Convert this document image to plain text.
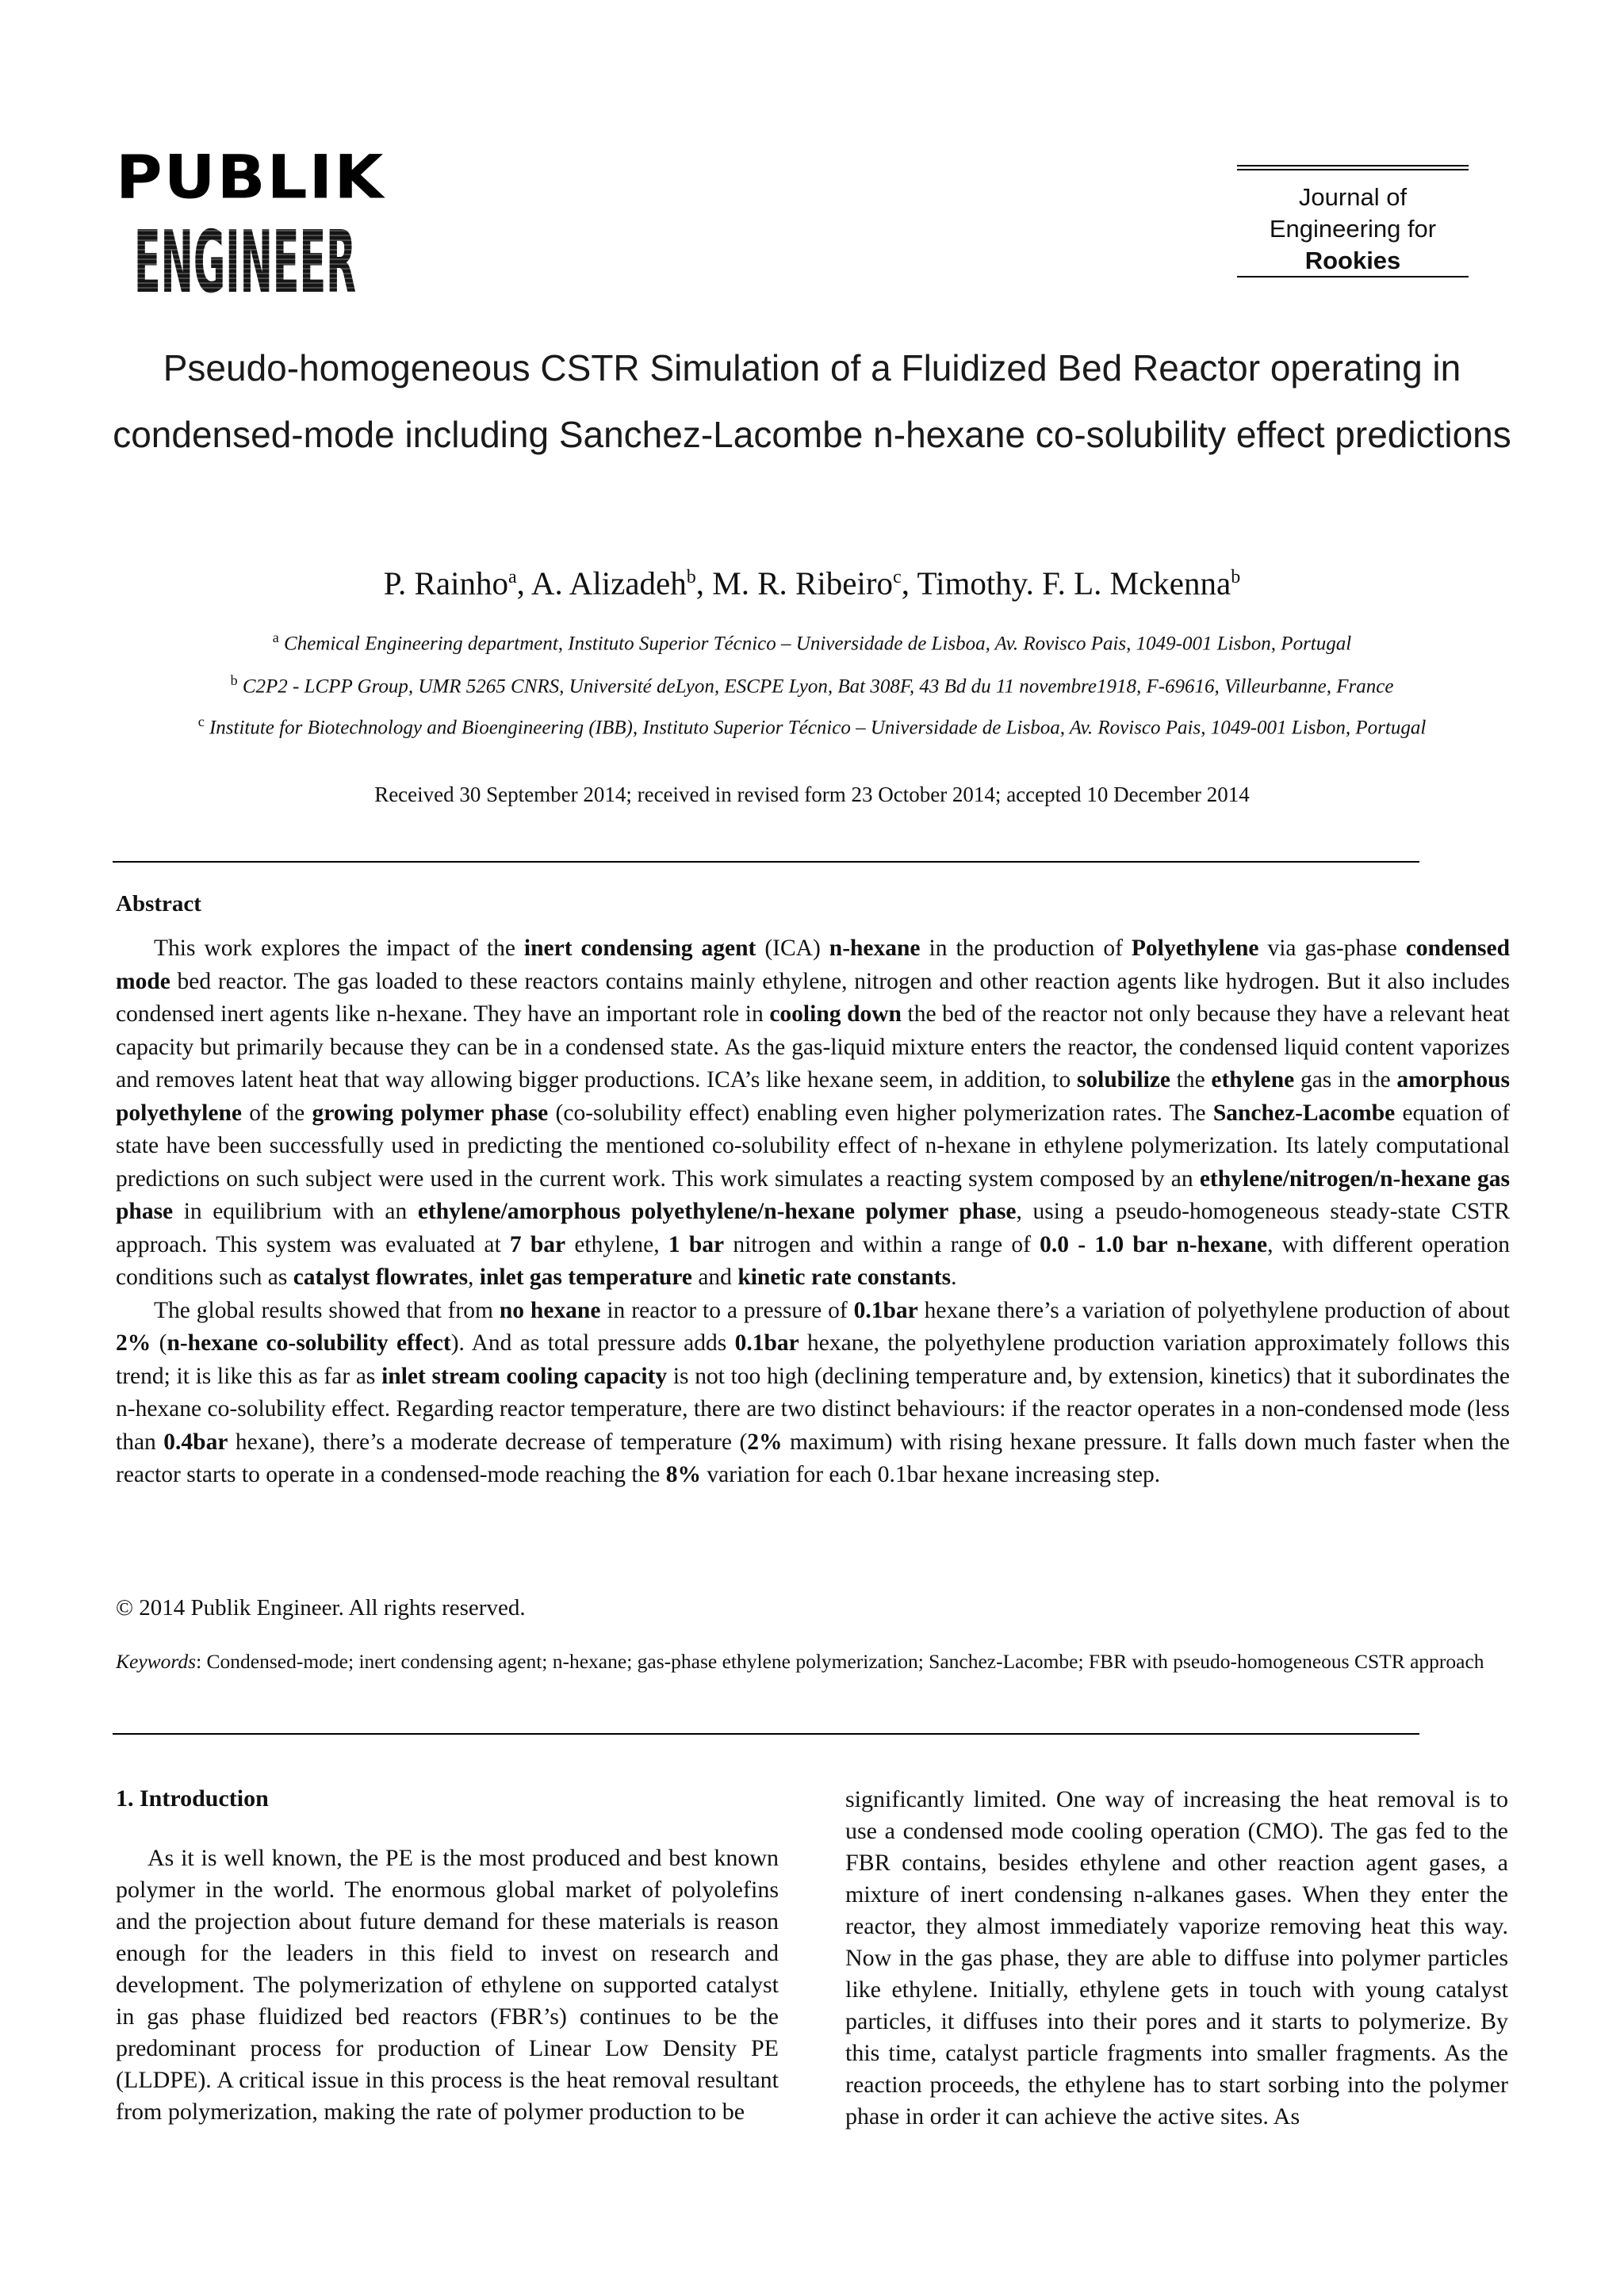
PUBLIK
ENGINEER
Journal of
Engineering for
Rookies
Pseudo-homogeneous CSTR Simulation of a Fluidized Bed Reactor operating in condensed-mode including Sanchez-Lacombe n-hexane co-solubility effect predictions
P. Rainho$^a$, A. Alizadeh$^b$, M. R. Ribeiro$^c$, Timothy. F. L. Mckenna$^b$
$^a$ Chemical Engineering department, Instituto Superior Técnico – Universidade de Lisboa, Av. Rovisco Pais, 1049-001 Lisbon, Portugal
$^b$ C2P2 - LCPP Group, UMR 5265 CNRS, Université deLyon, ESCPE Lyon, Bat 308F, 43 Bd du 11 novembre1918, F-69616, Villeurbanne, France
$^c$ Institute for Biotechnology and Bioengineering (IBB), Instituto Superior Técnico – Universidade de Lisboa, Av. Rovisco Pais, 1049-001 Lisbon, Portugal
Received 30 September 2014; received in revised form 23 October 2014; accepted 10 December 2014
Abstract

This work explores the impact of the inert condensing agent (ICA) n-hexane in the production of Polyethylene via gas-phase condensed mode bed reactor. The gas loaded to these reactors contains mainly ethylene, nitrogen and other reaction agents like hydrogen. But it also includes condensed inert agents like n-hexane. They have an important role in cooling down the bed of the reactor not only because they have a relevant heat capacity but primarily because they can be in a condensed state. As the gas-liquid mixture enters the reactor, the condensed liquid content vaporizes and removes latent heat that way allowing bigger productions. ICA’s like hexane seem, in addition, to solubilize the ethylene gas in the amorphous polyethylene of the growing polymer phase (co-solubility effect) enabling even higher polymerization rates. The Sanchez-Lacombe equation of state have been successfully used in predicting the mentioned co-solubility effect of n-hexane in ethylene polymerization. Its lately computational predictions on such subject were used in the current work. This work simulates a reacting system composed by an ethylene/nitrogen/n-hexane gas phase in equilibrium with an ethylene/amorphous polyethylene/n-hexane polymer phase, using a pseudo-homogeneous steady-state CSTR approach. This system was evaluated at 7 bar ethylene, 1 bar nitrogen and within a range of 0.0 - 1.0 bar n-hexane, with different operation conditions such as catalyst flowrates, inlet gas temperature and kinetic rate constants.

The global results showed that from no hexane in reactor to a pressure of 0.1bar hexane there’s a variation of polyethylene production of about 2% (n-hexane co-solubility effect). And as total pressure adds 0.1bar hexane, the polyethylene production variation approximately follows this trend; it is like this as far as inlet stream cooling capacity is not too high (declining temperature and, by extension, kinetics) that it subordinates the n-hexane co-solubility effect. Regarding reactor temperature, there are two distinct behaviours: if the reactor operates in a non-condensed mode (less than 0.4bar hexane), there’s a moderate decrease of temperature (2% maximum) with rising hexane pressure. It falls down much faster when the reactor starts to operate in a condensed-mode reaching the 8% variation for each 0.1bar hexane increasing step.

© 2014 Publik Engineer. All rights reserved.
Keywords: Condensed-mode; inert condensing agent; n-hexane; gas-phase ethylene polymerization; Sanchez-Lacombe; FBR with pseudo-homogeneous CSTR approach
1. Introduction

As it is well known, the PE is the most produced and best known polymer in the world. The enormous global market of polyolefins and the projection about future demand for these materials is reason enough for the leaders in this field to invest on research and development. The polymerization of ethylene on supported catalyst in gas phase fluidized bed reactors (FBR’s) continues to be the predominant process for production of Linear Low Density PE (LLDPE). A critical issue in this process is the heat removal resultant from polymerization, making the rate of polymer production to be

significantly limited. One way of increasing the heat removal is to use a condensed mode cooling operation (CMO). The gas fed to the FBR contains, besides ethylene and other reaction agent gases, a mixture of inert condensing n-alkanes gases. When they enter the reactor, they almost immediately vaporize removing heat this way. Now in the gas phase, they are able to diffuse into polymer particles like ethylene. Initially, ethylene gets in touch with young catalyst particles, it diffuses into their pores and it starts to polymerize. By this time, catalyst particle fragments into smaller fragments. As the reaction proceeds, the ethylene has to start sorbing into the polymer phase in order it can achieve the active sites. As
